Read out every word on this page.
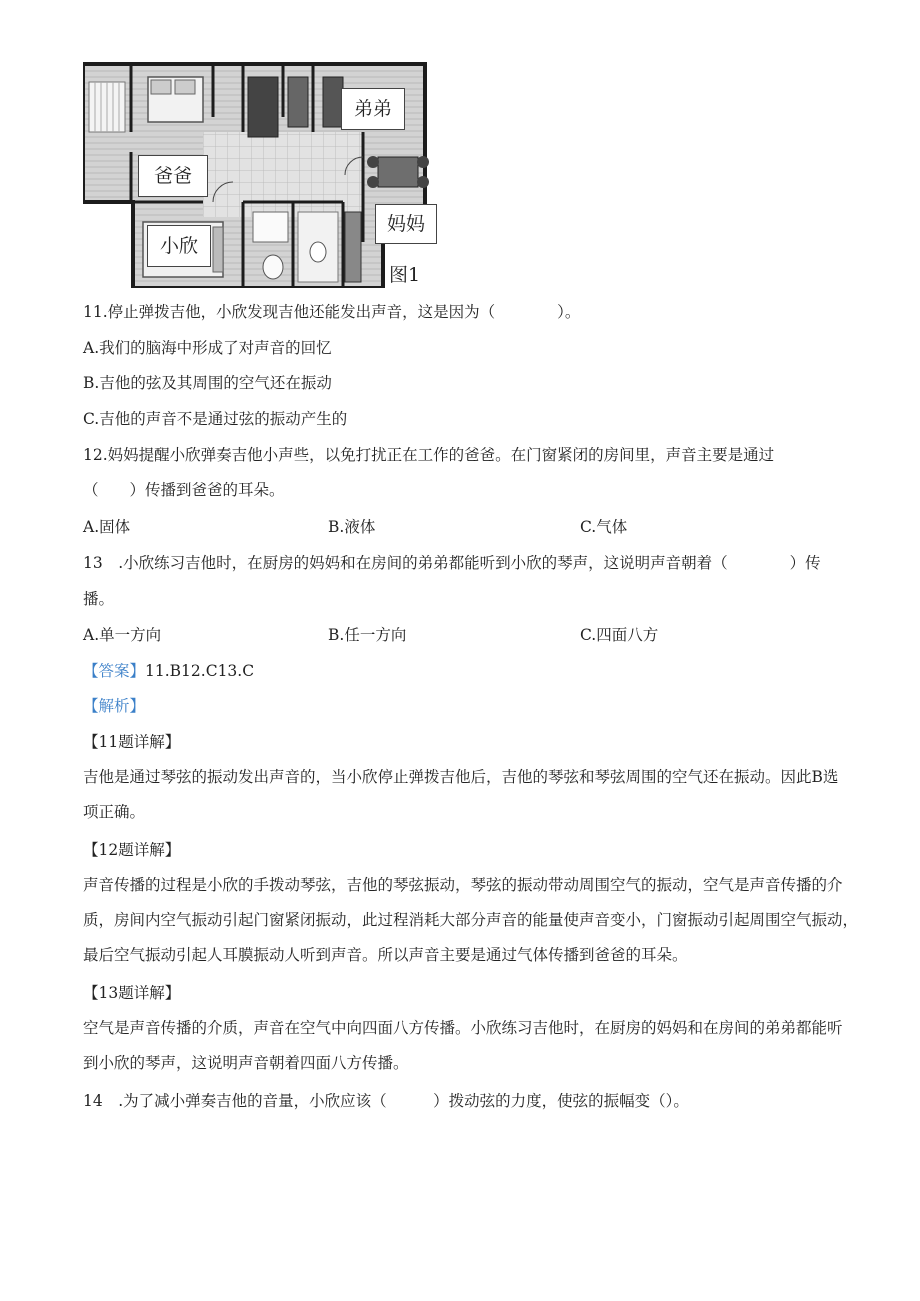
弟弟
爸爸
小欣
妈妈
图1
11.停止弹拨吉他，小欣发现吉他还能发出声音，这是因为（　　　　）。
A.我们的脑海中形成了对声音的回忆
B.吉他的弦及其周围的空气还在振动
C.吉他的声音不是通过弦的振动产生的
12.妈妈提醒小欣弹奏吉他小声些，以免打扰正在工作的爸爸。在门窗紧闭的房间里，声音主要是通过
（　　）传播到爸爸的耳朵。
A.固体	B.液体	C.气体
13　.小欣练习吉他时，在厨房的妈妈和在房间的弟弟都能听到小欣的琴声，这说明声音朝着（　　　　）传
播。
A.单一方向	B.任一方向	C.四面八方
【答案】11.B12.C13.C
【解析】
【11题详解】
吉他是通过琴弦的振动发出声音的，当小欣停止弹拨吉他后，吉他的琴弦和琴弦周围的空气还在振动。因此B选
项正确。
【12题详解】
声音传播的过程是小欣的手拨动琴弦，吉他的琴弦振动，琴弦的振动带动周围空气的振动，空气是声音传播的介
质，房间内空气振动引起门窗紧闭振动，此过程消耗大部分声音的能量使声音变小，门窗振动引起周围空气振动，
最后空气振动引起人耳膜振动人听到声音。所以声音主要是通过气体传播到爸爸的耳朵。
【13题详解】
空气是声音传播的介质，声音在空气中向四面八方传播。小欣练习吉他时，在厨房的妈妈和在房间的弟弟都能听
到小欣的琴声，这说明声音朝着四面八方传播。
14　.为了减小弹奏吉他的音量，小欣应该（　　　）拨动弦的力度，使弦的振幅变（）。
